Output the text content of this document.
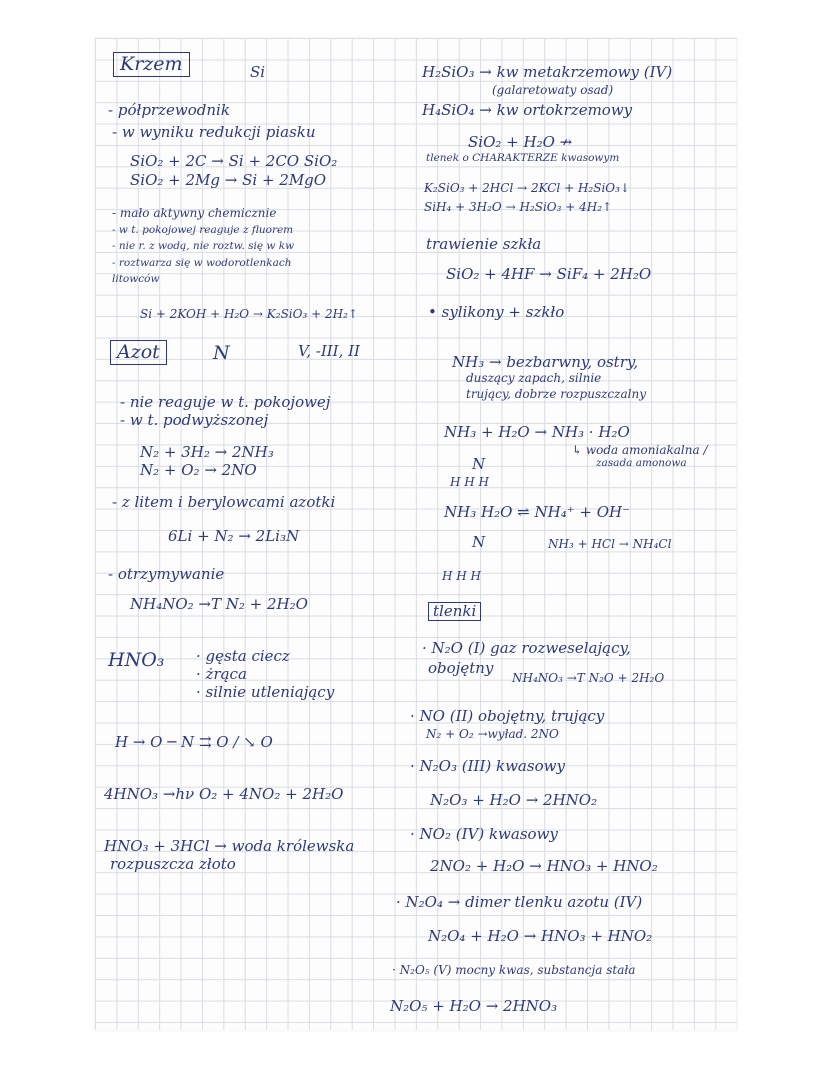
Krzem	Si
- półprzewodnik
- w wyniku redukcji piasku
SiO₂ + 2C → Si + 2CO SiO₂
SiO₂ + 2Mg → Si + 2MgO
- mało aktywny chemicznie
- w t. pokojowej reaguje z fluorem
- nie r. z wodą, nie roztw. się w kw
- roztwarza się w wodorotlenkach
litowców
Si + 2KOH + H₂O → K₂SiO₃ + 2H₂↑
Azot	N	V, -III, II
- nie reaguje w t. pokojowej
- w t. podwyższonej
N₂ + 3H₂ → 2NH₃
N₂ + O₂ → 2NO
- z litem i berylowcami azotki
6Li + N₂ → 2Li₃N
- otrzymywanie
NH₄NO₂ →T N₂ + 2H₂O
HNO₃ · gęsta ciecz
· żrąca
· silnie utleniający
H → O ─ N ⇉ O / ↘ O
4HNO₃ →hν O₂ + 4NO₂ + 2H₂O
HNO₃ + 3HCl → woda królewska
rozpuszcza złoto
H₂SiO₃ → kw metakrzemowy (IV)
(galaretowaty osad)
H₄SiO₄ → kw ortokrzemowy
SiO₂ + H₂O ↛
tlenek o CHARAKTERZE kwasowym
K₂SiO₃ + 2HCl → 2KCl + H₂SiO₃↓
SiH₄ + 3H₂O → H₂SiO₃ + 4H₂↑
trawienie szkła
SiO₂ + 4HF → SiF₄ + 2H₂O
• sylikony + szkło
NH₃ → bezbarwny, ostry,
duszący zapach, silnie
trujący, dobrze rozpuszczalny
NH₃ + H₂O → NH₃ · H₂O
↳ woda amoniakalna /
zasada amonowa
N
H H H
NH₃ H₂O ⇌ NH₄⁺ + OH⁻
N
H H H
NH₃ + HCl → NH₄Cl
tlenki
· N₂O (I) gaz rozweselający,
obojętny
NH₄NO₃ →T N₂O + 2H₂O
· NO (II) obojętny, trujący
N₂ + O₂ →wyład. 2NO
· N₂O₃ (III) kwasowy
N₂O₃ + H₂O → 2HNO₂
· NO₂ (IV) kwasowy
2NO₂ + H₂O → HNO₃ + HNO₂
· N₂O₄ → dimer tlenku azotu (IV)
N₂O₄ + H₂O → HNO₃ + HNO₂
· N₂O₅ (V) mocny kwas, substancja stała
N₂O₅ + H₂O → 2HNO₃
